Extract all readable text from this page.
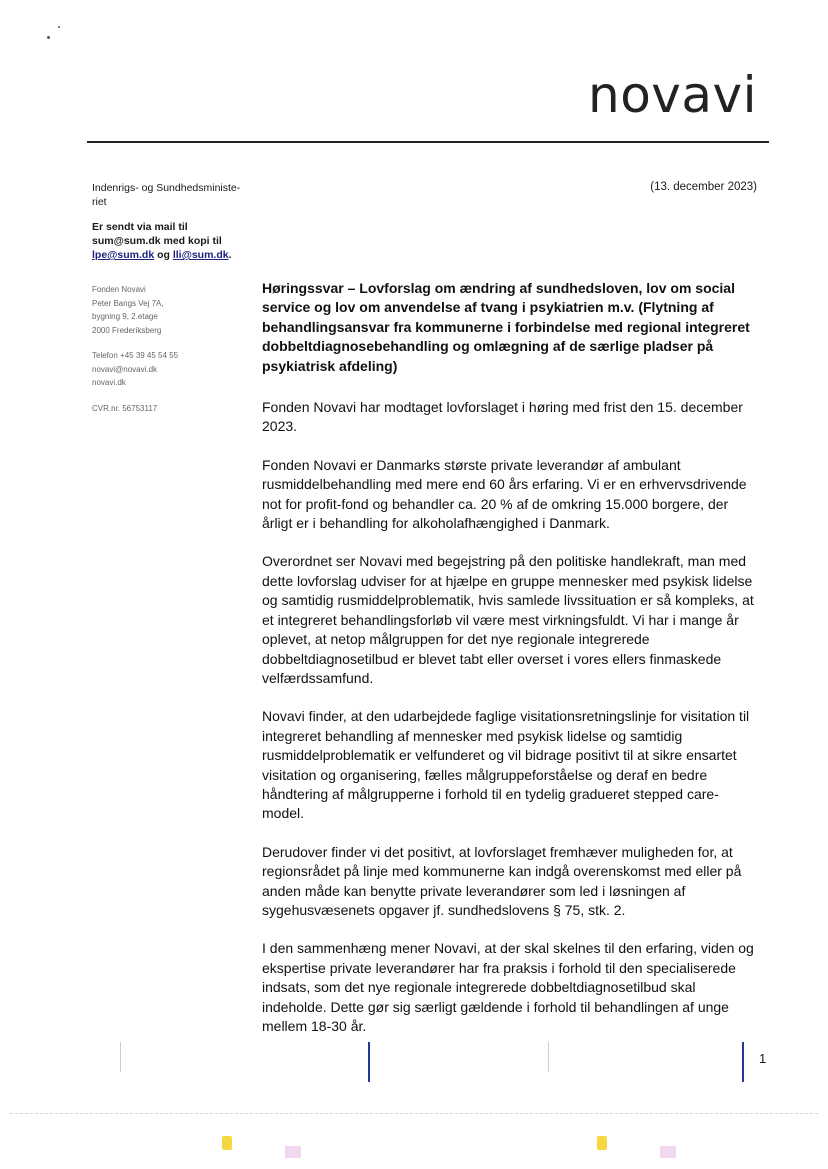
novavi
Indenrigs- og Sundhedsministe-riet
Er sendt via mail til
sum@sum.dk med kopi til
lpe@sum.dk og lli@sum.dk.
(13. december 2023)
Fonden Novavi
Peter Bangs Vej 7A,
bygning 9, 2.etage
2000 Frederiksberg
Telefon +45 39 45 54 55
novavi@novavi.dk
novavi.dk
CVR.nr. 56753117
Høringssvar – Lovforslag om ændring af sundhedsloven, lov om social service og lov om anvendelse af tvang i psykiatrien m.v. (Flytning af behandlingsansvar fra kommunerne i forbindelse med regional integreret dobbeltdiagnosebehandling og omlægning af de særlige pladser på psykiatrisk afdeling)

Fonden Novavi har modtaget lovforslaget i høring med frist den 15. december 2023.

Fonden Novavi er Danmarks største private leverandør af ambulant rusmiddelbehandling med mere end 60 års erfaring. Vi er en erhvervsdrivende not for profit-fond og behandler ca. 20 % af de omkring 15.000 borgere, der årligt er i behandling for alkoholafhængighed i Danmark.

Overordnet ser Novavi med begejstring på den politiske handlekraft, man med dette lovforslag udviser for at hjælpe en gruppe mennesker med psykisk lidelse og samtidig rusmiddelproblematik, hvis samlede livssituation er så kompleks, at et integreret behandlingsforløb vil være mest virkningsfuldt. Vi har i mange år oplevet, at netop målgruppen for det nye regionale integrerede dobbeltdiagnosetilbud er blevet tabt eller overset i vores ellers finmaskede velfærdssamfund.

Novavi finder, at den udarbejdede faglige visitationsretningslinje for visitation til integreret behandling af mennesker med psykisk lidelse og samtidig rusmiddelproblematik er velfunderet og vil bidrage positivt til at sikre ensartet visitation og organisering, fælles målgruppeforståelse og deraf en bedre håndtering af målgrupperne i forhold til en tydelig gradueret stepped care-model.

Derudover finder vi det positivt, at lovforslaget fremhæver muligheden for, at regionsrådet på linje med kommunerne kan indgå overenskomst med eller på anden måde kan benytte private leverandører som led i løsningen af sygehusvæsenets opgaver jf. sundhedslovens § 75, stk. 2.

I den sammenhæng mener Novavi, at der skal skelnes til den erfaring, viden og ekspertise private leverandører har fra praksis i forhold til den specialiserede indsats, som det nye regionale integrerede dobbeltdiagnosetilbud skal indeholde. Dette gør sig særligt gældende i forhold til behandlingen af unge mellem 18-30 år.

1
